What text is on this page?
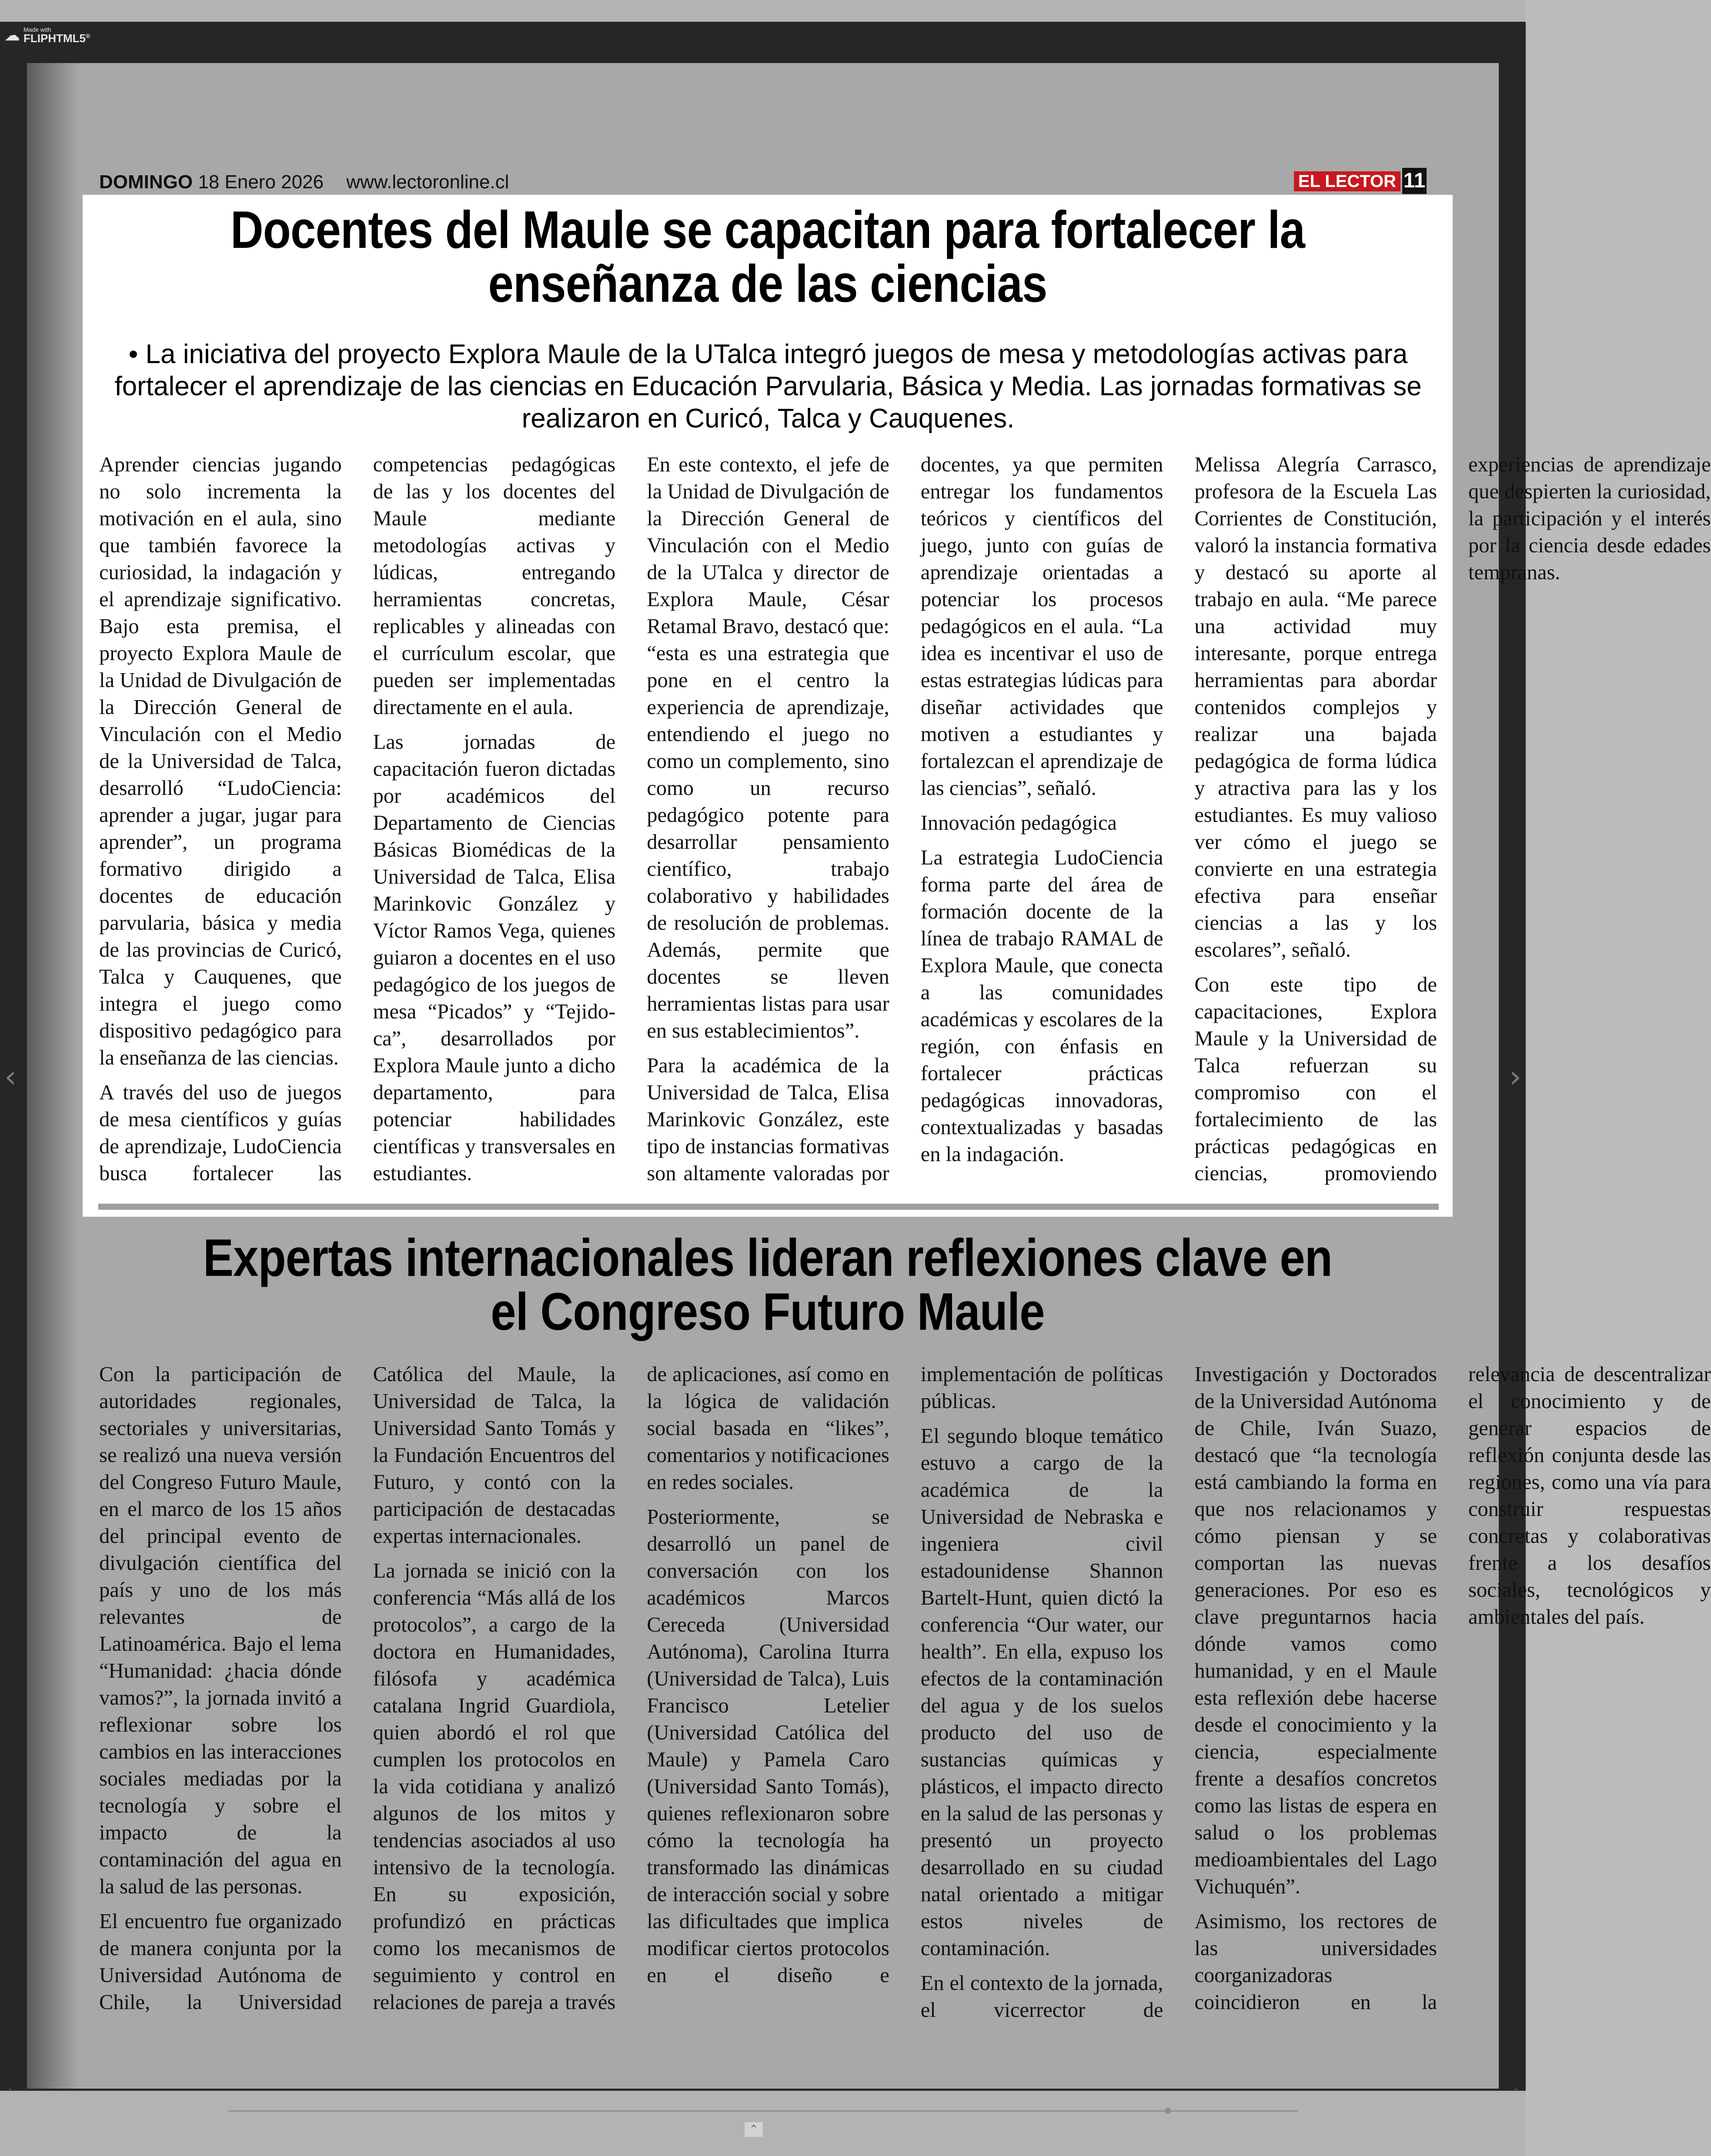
☁ Made with
FLIPHTML5®
‹	›
DOMINGO 18 Enero 2026 www.lectoronline.cl	EL LECTOR 11
Docentes del Maule se capacitan para fortalecer la enseñanza de las ciencias
• La iniciativa del proyecto Explora Maule de la UTalca integró juegos de mesa y metodologías activas para fortalecer el aprendizaje de las ciencias en Educación Parvularia, Básica y Media. Las jornadas formativas se realizaron en Curicó, Talca y Cauquenes.

Aprender ciencias jugando no solo incrementa la motivación en el aula, sino que también favorece la curiosidad, la indagación y el aprendizaje significativo. Bajo esta premisa, el proyecto Explora Maule de la Unidad de Divulgación de la Dirección General de Vinculación con el Medio de la Universidad de Talca, desarrolló “LudoCiencia: aprender a jugar, jugar para aprender”, un programa formativo dirigido a docentes de educación parvularia, básica y media de las provincias de Curicó, Talca y Cauquenes, que integra el juego como dispositivo pedagógico para la enseñanza de las ciencias.

A través del uso de juegos de mesa científicos y guías de aprendizaje, LudoCiencia busca fortalecer las competencias pedagógicas de las y los docentes del Maule mediante metodologías activas y lúdicas, entregando herramientas concretas, replicables y alineadas con el currículum escolar, que pueden ser implementadas directamente en el aula.

Las jornadas de capacitación fueron dictadas por académicos del Departamento de Ciencias Básicas Biomédicas de la Universidad de Talca, Elisa Marinkovic González y Víctor Ramos Vega, quienes guiaron a docentes en el uso pedagógico de los juegos de mesa “Picados” y “Tejido-ca”, desarrollados por Explora Maule junto a dicho departamento, para potenciar habilidades científicas y transversales en estudiantes.

En este contexto, el jefe de la Unidad de Divulgación de la Dirección General de Vinculación con el Medio de la UTalca y director de Explora Maule, César Retamal Bravo, destacó que: “esta es una estrategia que pone en el centro la experiencia de aprendizaje, entendiendo el juego no como un complemento, sino como un recurso pedagógico potente para desarrollar pensamiento científico, trabajo colaborativo y habilidades de resolución de problemas. Además, permite que docentes se lleven herramientas listas para usar en sus establecimientos”.

Para la académica de la Universidad de Talca, Elisa Marinkovic González, este tipo de instancias formativas son altamente valoradas por docentes, ya que permiten entregar los fundamentos teóricos y científicos del juego, junto con guías de aprendizaje orientadas a potenciar los procesos pedagógicos en el aula. “La idea es incentivar el uso de estas estrategias lúdicas para diseñar actividades que motiven a estudiantes y fortalezcan el aprendizaje de las ciencias”, señaló.

Innovación pedagógica

La estrategia LudoCiencia forma parte del área de formación docente de la línea de trabajo RAMAL de Explora Maule, que conecta a las comunidades académicas y escolares de la región, con énfasis en fortalecer prácticas pedagógicas innovadoras, contextualizadas y basadas en la indagación.

Melissa Alegría Carrasco, profesora de la Escuela Las Corrientes de Constitución, valoró la instancia formativa y destacó su aporte al trabajo en aula. “Me parece una actividad muy interesante, porque entrega herramientas para abordar contenidos complejos y realizar una bajada pedagógica de forma lúdica y atractiva para las y los estudiantes. Es muy valioso ver cómo el juego se convierte en una estrategia efectiva para enseñar ciencias a las y los escolares”, señaló.

Con este tipo de capacitaciones, Explora Maule y la Universidad de Talca refuerzan su compromiso con el fortalecimiento de las prácticas pedagógicas en ciencias, promoviendo experiencias de aprendizaje que despierten la curiosidad, la participación y el interés por la ciencia desde edades tempranas.

Expertas internacionales lideran reflexiones clave en el Congreso Futuro Maule

Con la participación de autoridades regionales, sectoriales y universitarias, se realizó una nueva versión del Congreso Futuro Maule, en el marco de los 15 años del principal evento de divulgación científica del país y uno de los más relevantes de Latinoamérica. Bajo el lema “Humanidad: ¿hacia dónde vamos?”, la jornada invitó a reflexionar sobre los cambios en las interacciones sociales mediadas por la tecnología y sobre el impacto de la contaminación del agua en la salud de las personas.

El encuentro fue organizado de manera conjunta por la Universidad Autónoma de Chile, la Universidad Católica del Maule, la Universidad de Talca, la Universidad Santo Tomás y la Fundación Encuentros del Futuro, y contó con la participación de destacadas expertas internacionales.

La jornada se inició con la conferencia “Más allá de los protocolos”, a cargo de la doctora en Humanidades, filósofa y académica catalana Ingrid Guardiola, quien abordó el rol que cumplen los protocolos en la vida cotidiana y analizó algunos de los mitos y tendencias asociados al uso intensivo de la tecnología. En su exposición, profundizó en prácticas como los mecanismos de seguimiento y control en relaciones de pareja a través de aplicaciones, así como en la lógica de validación social basada en “likes”, comentarios y notificaciones en redes sociales.

Posteriormente, se desarrolló un panel de conversación con los académicos Marcos Cereceda (Universidad Autónoma), Carolina Iturra (Universidad de Talca), Luis Francisco Letelier (Universidad Católica del Maule) y Pamela Caro (Universidad Santo Tomás), quienes reflexionaron sobre cómo la tecnología ha transformado las dinámicas de interacción social y sobre las dificultades que implica modificar ciertos protocolos en el diseño e implementación de políticas públicas.

El segundo bloque temático estuvo a cargo de la académica de la Universidad de Nebraska e ingeniera civil estadounidense Shannon Bartelt-Hunt, quien dictó la conferencia “Our water, our health”. En ella, expuso los efectos de la contaminación del agua y de los suelos producto del uso de sustancias químicas y plásticos, el impacto directo en la salud de las personas y presentó un proyecto desarrollado en su ciudad natal orientado a mitigar estos niveles de contaminación.

En el contexto de la jornada, el vicerrector de Investigación y Doctorados de la Universidad Autónoma de Chile, Iván Suazo, destacó que “la tecnología está cambiando la forma en que nos relacionamos y cómo piensan y se comportan las nuevas generaciones. Por eso es clave preguntarnos hacia dónde vamos como humanidad, y en el Maule esta reflexión debe hacerse desde el conocimiento y la ciencia, especialmente frente a desafíos concretos como las listas de espera en salud o los problemas medioambientales del Lago Vichuquén”.

Asimismo, los rectores de las universidades coorganizadoras coincidieron en la relevancia de descentralizar el conocimiento y de generar espacios de reflexión conjunta desde las regiones, como una vía para construir respuestas concretas y colaborativas frente a los desafíos sociales, tecnológicos y ambientales del país.

«	»
⌃
